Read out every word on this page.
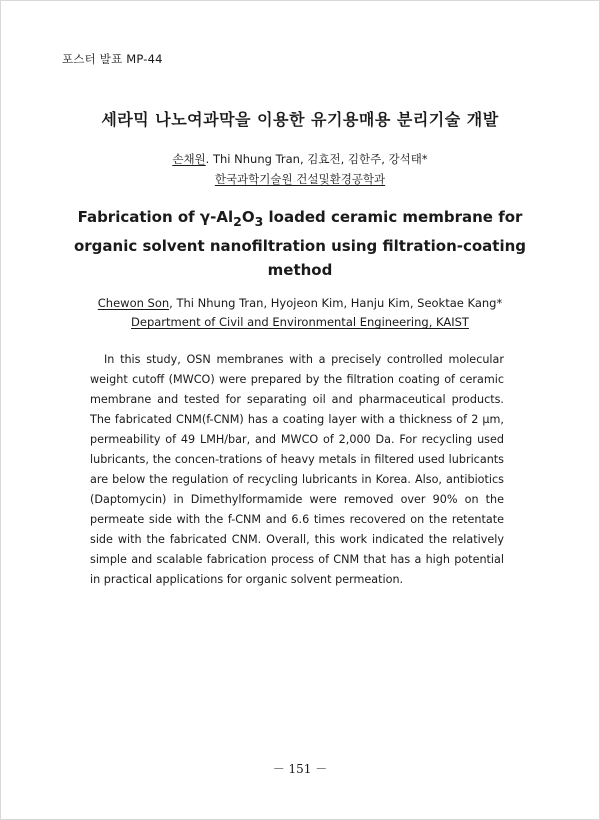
포스터 발표 MP-44
세라믹 나노여과막을 이용한 유기용매용 분리기술 개발
손채원. Thi Nhung Tran, 김효전, 김한주, 강석태*
한국과학기술원 건설및환경공학과
Fabrication of $\gamma-Al_2O_3$ loaded ceramic membrane for
organic solvent nanofiltration using filtration-coating
method
Chewon Son, Thi Nhung Tran, Hyojeon Kim, Hanju Kim, Seoktae Kang*
Department of Civil and Environmental Engineering, KAIST

In this study, OSN membranes with a precisely controlled molecular weight cutoff (MWCO) were prepared by the filtration coating of ceramic membrane and tested for separating oil and pharmaceutical products. The fabricated CNM(f-CNM) has a coating layer with a thickness of 2 μm, permeability of 49 LMH/bar, and MWCO of 2,000 Da. For recycling used lubricants, the concen-trations of heavy metals in filtered used lubricants are below the regulation of recycling lubricants in Korea. Also, antibiotics (Daptomycin) in Dimethylformamide were removed over 90% on the permeate side with the f-CNM and 6.6 times recovered on the retentate side with the fabricated CNM. Overall, this work indicated the relatively simple and scalable fabrication process of CNM that has a high potential in practical applications for organic solvent permeation.

－ 151 －
